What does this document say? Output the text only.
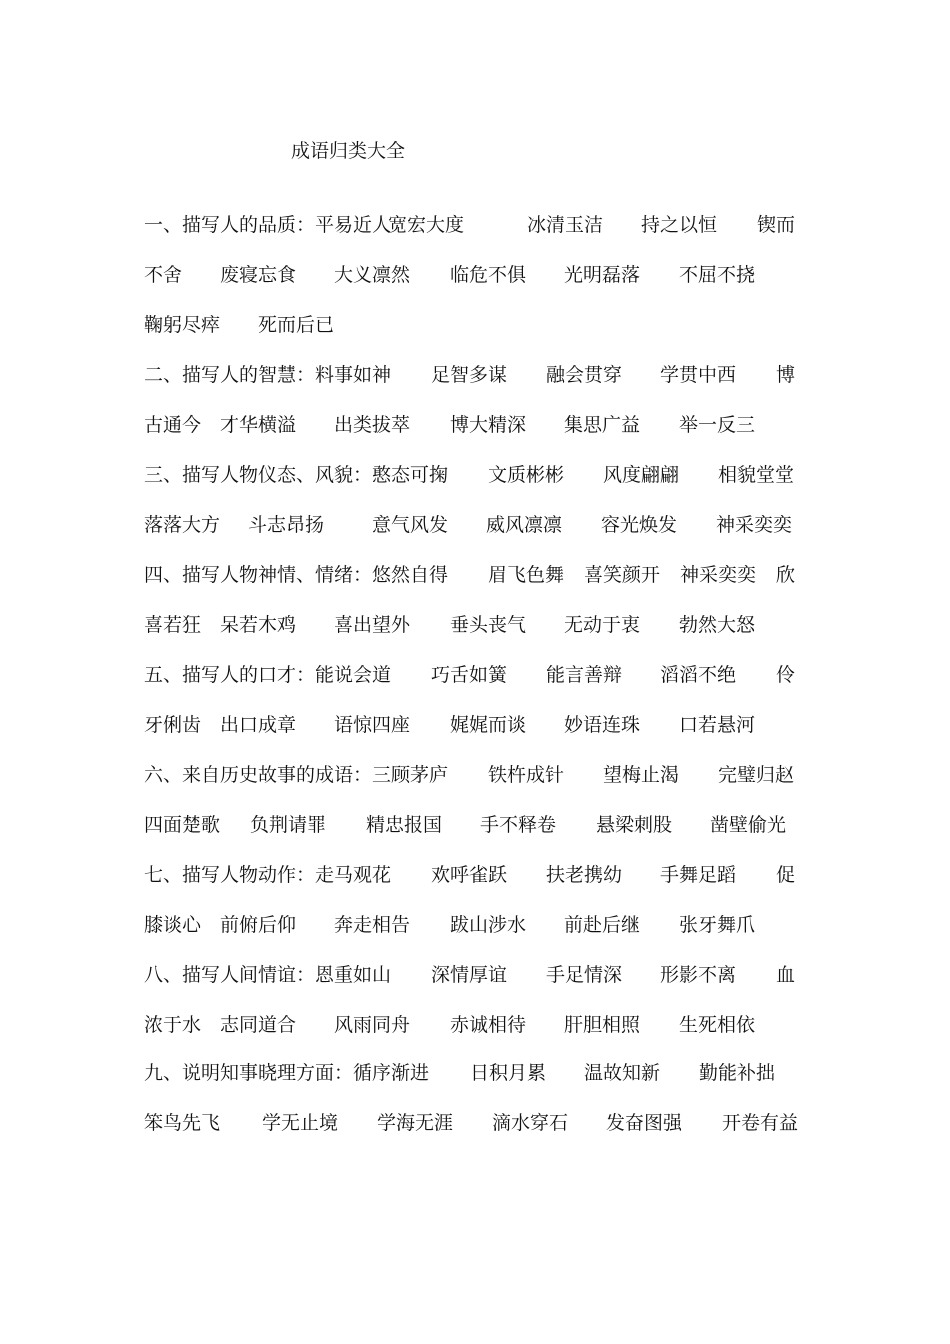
成语归类大全
一、描写人的品质：平易近人
宽宏大度	冰清玉洁 持之以恒 锲而
不舍 废寝忘食 大义凛然 临危不俱 光明磊落 不屈不挠
鞠躬尽瘁 死而后已
二、描写人的智慧：料事如神 足智多谋 融会贯穿 学贯中西 博
古通今 才华横溢 出类拔萃 博大精深 集思广益 举一反三
三、描写人物仪态、风貌：憨态可掬 文质彬彬 风度翩翩 相貌堂堂
落落大方 斗志昂扬	意气风发 威风凛凛 容光焕发 神采奕奕
四、描写人物神情、情绪：悠然自得 眉飞色舞 喜笑颜开 神采奕奕 欣
喜若狂 呆若木鸡 喜出望外 垂头丧气 无动于衷 勃然大怒
五、描写人的口才：能说会道 巧舌如簧 能言善辩 滔滔不绝 伶
牙俐齿 出口成章 语惊四座 娓娓而谈 妙语连珠 口若悬河
六、来自历史故事的成语：三顾茅庐 铁杵成针 望梅止渴 完璧归赵
四面楚歌 负荆请罪 精忠报国 手不释卷 悬梁刺股 凿壁偷光
七、描写人物动作：走马观花 欢呼雀跃 扶老携幼 手舞足蹈 促
膝谈心 前俯后仰 奔走相告 跋山涉水 前赴后继 张牙舞爪
八、描写人间情谊：恩重如山 深情厚谊 手足情深 形影不离 血
浓于水 志同道合 风雨同舟 赤诚相待 肝胆相照 生死相依
九、说明知事晓理方面：循序渐进 日积月累 温故知新 勤能补拙
笨鸟先飞 学无止境 学海无涯 滴水穿石 发奋图强 开卷有益
